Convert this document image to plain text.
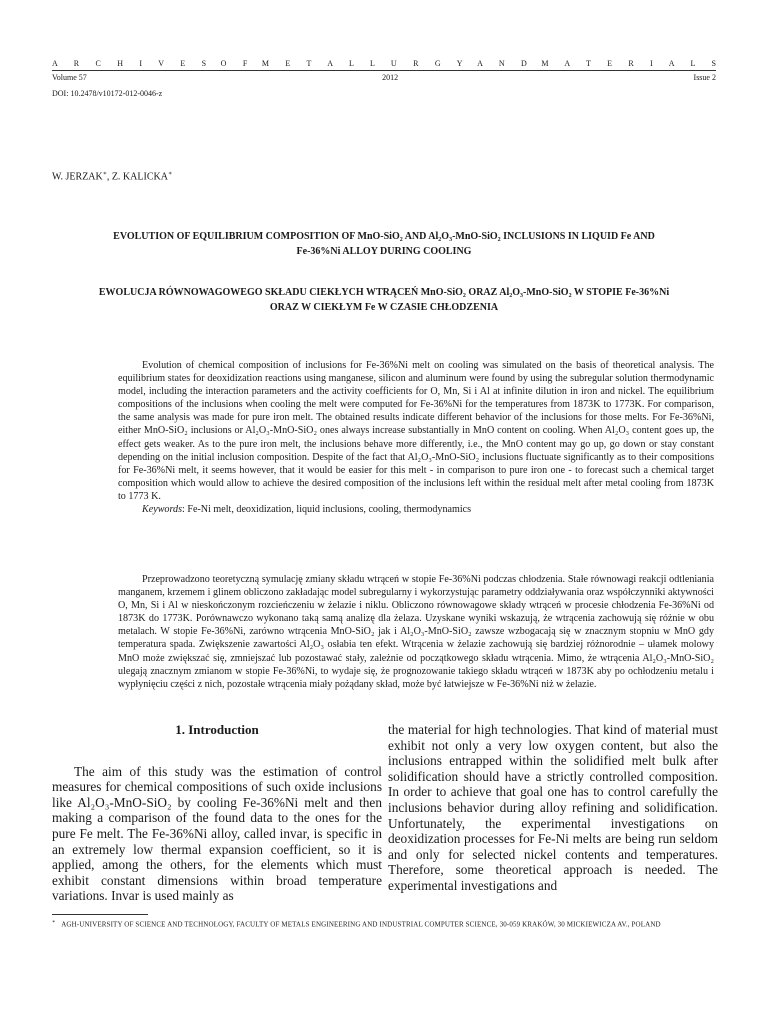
A R C H I V E S O F M E T A L L U R G Y A N D M A T E R I A L S
Volume 57	2012	Issue 2
DOI: 10.2478/v10172-012-0046-z
W. JERZAK∗, Z. KALICKA∗
EVOLUTION OF EQUILIBRIUM COMPOSITION OF MnO-SiO₂ AND Al₂O₃-MnO-SiO₂ INCLUSIONS IN LIQUID Fe AND
Fe-36%Ni ALLOY DURING COOLING
EWOLUCJA RÓWNOWAGOWEGO SKŁADU CIEKŁYCH WTRĄCEŃ MnO-SiO₂ ORAZ Al₂O₃-MnO-SiO₂ W STOPIE Fe-36%Ni
ORAZ W CIEKŁYM Fe W CZASIE CHŁODZENIA

Evolution of chemical composition of inclusions for Fe-36%Ni melt on cooling was simulated on the basis of theoretical analysis. The equilibrium states for deoxidization reactions using manganese, silicon and aluminum were found by using the subregular solution thermodynamic model, including the interaction parameters and the activity coefficients for O, Mn, Si i Al at infinite dilution in iron and nickel. The equilibrium compositions of the inclusions when cooling the melt were computed for Fe-36%Ni for the temperatures from 1873K to 1773K. For comparison, the same analysis was made for pure iron melt. The obtained results indicate different behavior of the inclusions for those melts. For Fe-36%Ni, either MnO-SiO₂ inclusions or Al₂O₃-MnO-SiO₂ ones always increase substantially in MnO content on cooling. When Al₂O₃ content goes up, the effect gets weaker. As to the pure iron melt, the inclusions behave more differently, i.e., the MnO content may go up, go down or stay constant depending on the initial inclusion composition. Despite of the fact that Al₂O₃-MnO-SiO₂ inclusions fluctuate significantly as to their compositions for Fe-36%Ni melt, it seems however, that it would be easier for this melt - in comparison to pure iron one - to forecast such a chemical target composition which would allow to achieve the desired composition of the inclusions left within the residual melt after metal cooling from 1873K to 1773 K.

Keywords: Fe-Ni melt, deoxidization, liquid inclusions, cooling, thermodynamics

Przeprowadzono teoretyczną symulację zmiany składu wtrąceń w stopie Fe-36%Ni podczas chłodzenia. Stałe równowagi reakcji odtleniania manganem, krzemem i glinem obliczono zakładając model subregularny i wykorzystując parametry oddziaływania oraz współczynniki aktywności O, Mn, Si i Al w nieskończonym rozcieńczeniu w żelazie i niklu. Obliczono równowagowe składy wtrąceń w procesie chłodzenia Fe-36%Ni od 1873K do 1773K. Porównawczo wykonano taką samą analizę dla żelaza. Uzyskane wyniki wskazują, że wtrącenia zachowują się różnie w obu metalach. W stopie Fe-36%Ni, zarówno wtrącenia MnO-SiO₂ jak i Al₂O₃-MnO-SiO₂ zawsze wzbogacają się w znacznym stopniu w MnO gdy temperatura spada. Zwiększenie zawartości Al₂O₃ osłabia ten efekt. Wtrącenia w żelazie zachowują się bardziej różnorodnie – ułamek molowy MnO może zwiększać się, zmniejszać lub pozostawać stały, zależnie od początkowego składu wtrącenia. Mimo, że wtrącenia Al₂O₃-MnO-SiO₂ ulegają znacznym zmianom w stopie Fe-36%Ni, to wydaje się, że prognozowanie takiego składu wtrąceń w 1873K aby po ochłodzeniu metalu i wypłynięciu części z nich, pozostałe wtrącenia miały pożądany skład, może być łatwiejsze w Fe-36%Ni niż w żelazie.

1. Introduction

The aim of this study was the estimation of control measures for chemical compositions of such oxide inclusions like Al₂O₃-MnO-SiO₂ by cooling Fe-36%Ni melt and then making a comparison of the found data to the ones for the pure Fe melt. The Fe-36%Ni alloy, called invar, is specific in an extremely low thermal expansion coefficient, so it is applied, among the others, for the elements which must exhibit constant dimensions within broad temperature variations. Invar is used mainly as

the material for high technologies. That kind of material must exhibit not only a very low oxygen content, but also the inclusions entrapped within the solidified melt bulk after solidification should have a strictly controlled composition. In order to achieve that goal one has to control carefully the inclusions behavior during alloy refining and solidification. Unfortunately, the experimental investigations on deoxidization processes for Fe-Ni melts are being run seldom and only for selected nickel contents and temperatures. Therefore, some theoretical approach is needed. The experimental investigations and

∗ AGH-UNIVERSITY OF SCIENCE AND TECHNOLOGY, FACULTY OF METALS ENGINEERING AND INDUSTRIAL COMPUTER SCIENCE, 30-059 KRAKÓW, 30 MICKIEWICZA AV., POLAND
